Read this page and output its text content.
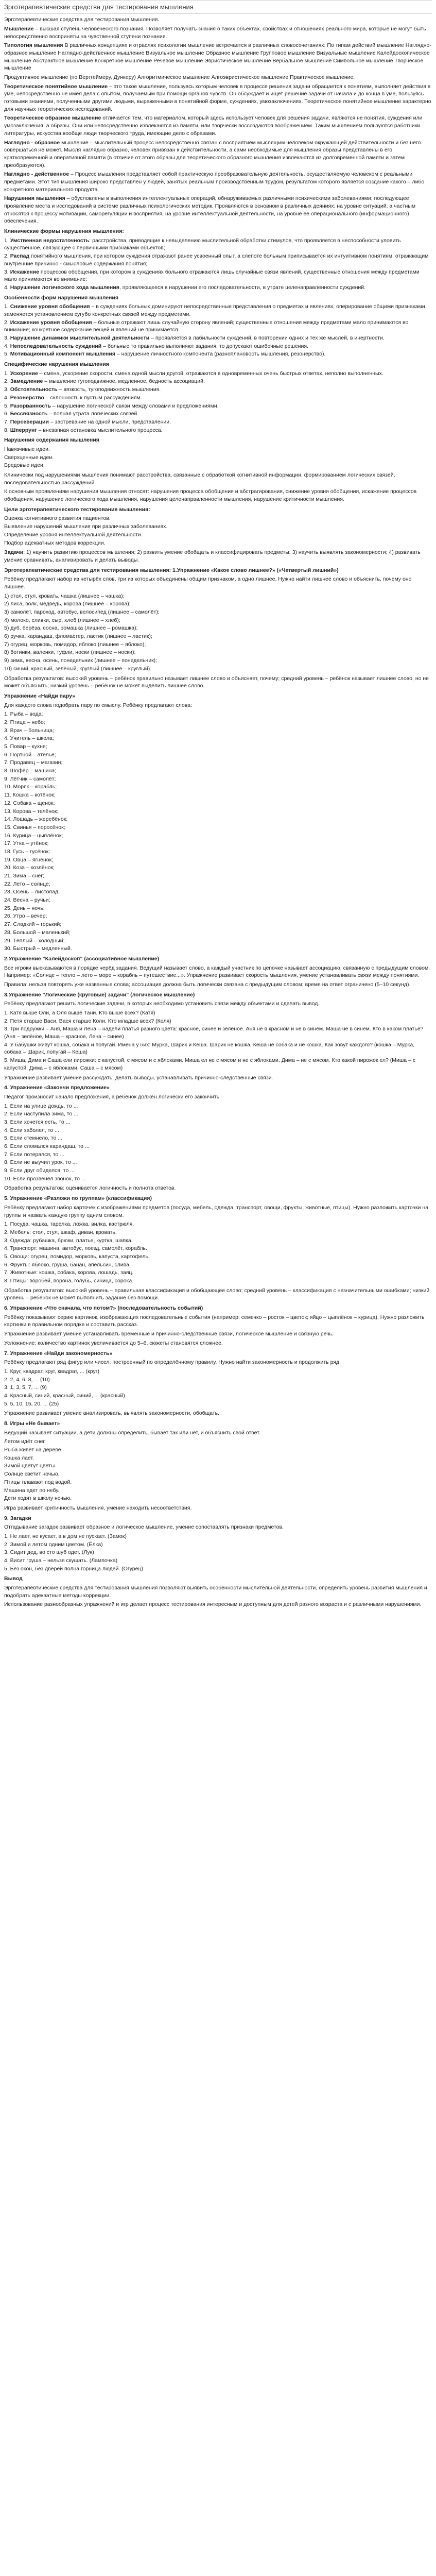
Зрготерапевтические средства для тестирования мышления

Эрготерапевтические средства для тестирования мышления.

Мышление – высшая ступень человеческого познания. Позволяет получать знания о таких объектах, свойствах и отношениях реального мира, которые не могут быть непосредственно восприняты на чувственной ступени познания.

Типология мышления В различных концепциях и отраслях психологии мышление встречается в различных словосочетаниях: По типам действий мышление Наглядно-образное мышление Наглядно-действенное мышление Визуальное мышление Образное мышление Групповое мышление Визуальные мышление Калейдоскопическое мышление Абстрактное мышление Конкретное мышление Речевое мышление Эвристическое мышление Вербальное мышление Символьное мышление Творческое мышление

Продуктивное мышление (по Вертгеймеру, Дункеру) Алгоритмическое мышление Алгоэвристическое мышление Практическое мышление.

Теоретическое понятийное мышление – это такое мышление, пользуясь которым человек в процессе решения задачи обращается к понятиям, выполняет действия в уме, непосредственно не имея дела с опытом, получаемым при помощи органов чувств. Он обсуждает и ищет решение задачи от начала и до конца в уме, пользуясь готовыми знаниями, полученными другими людьми, выраженными в понятийной форме, суждениях, умозаключениях. Теоретическое понятийное мышление характерно для научных теоретических исследований.

Теоретическое образное мышление отличается тем, что материалом, который здесь использует человек для решения задачи, являются не понятия, суждения или умозаключения, а образы. Они или непосредственно извлекаются из памяти, или творчески воссоздаются воображением. Таким мышлением пользуются работники литературы, искусства вообще люди творческого труда, имеющие дело с образами.

Наглядно - образное мышление – мыслительный процесс непосредственно связан с восприятием мыслящим человеком окружающей действительности и без него совершаться не может. Мысля наглядно образно, человек привязан к действительности, а сами необходимые для мышления образы представлены в его кратковременной и оперативной памяти (в отличие от этого образы для теоретического образного мышления извлекаются из долговременной памяти и затем преобразуются).

Наглядно - действенное – Процесс мышления представляет собой практическую преобразовательную деятельность, осуществляемую человеком с реальными предметами. Этот тип мышления широко представлен у людей, занятых реальным производственным трудом, результатом которого является создание какого – либо конкретного материального продукта.

Нарушения мышления – обусловлены в выполнения интеллектуальных операций, обнаруживаемых различными психическими заболеваниями; последующее проявление места и исследований в системе различных психологических методик. Проявляются в основном в различных деяниях: на уровне ситуаций, а частным относятся к процессу мотивации, саморегуляции и восприятия, на уровне интеллектуальной деятельности, на уровне ее операционального (информационного) обеспечения.

Клинические формы нарушения мышления:
1. Умственная недостаточность: расстройства, приводящие к невыделению мыслительной обработки стимулов, что проявляется в неспособности уловить существенное, связующее с первичными признаками объектов;
2. Распад понятийного мышления, при котором суждения отражают ранее усвоенный опыт, а слепоте больным приписывается их интуитивном понятиям, отражающим внутренние причинно - смысловые содержания понятия;
3. Искажение процессов обобщения, при котором в суждениях больного отражаются лишь случайные связи явлений, существенные отношения между предметами мало принимаются во внимание;
4. Нарушение логического хода мышления, проявляющееся в нарушении его последовательности, в утрате целенаправленности суждений.
Особенности форм нарушения мышления
1. Снижение уровня обобщения – в суждениях больных доминируют непосредственные представления о предметах и явлениях, оперирование общими признаками заменяется установлением сугубо конкретных связей между предметами.
2. Искажение уровня обобщения – больные отражают лишь случайную сторону явлений; существенные отношения между предметами мало принимаются во внимание; конкретное содержание вещей и явлений не принимается.
3. Нарушение динамики мыслительной деятельности – проявляется в лабильности суждений, в повторении одних и тех же мыслей, в инертности.
4. Непоследовательность суждений – больные то правильно выполняют задания, то допускают ошибочные решения.
5. Мотивационный компонент мышления – нарушение личностного компонента (разноплановость мышления, резонерство).
Специфические нарушения мышления
1. Ускорение – смена, ускорение скорости, смена одной мысли другой, отражаются в одновременных очень быстрых ответах, неполно выполненных.
2. Замедление – мышление тугоподвижное, медленное, бедность ассоциаций.
3. Обстоятельность – вязкость, тугоподвижность мышления.
4. Резонерство – склонность к пустым рассуждениям.
5. Разорванность – нарушение логической связи между словами и предложениями.
6. Бессвязность – полная утрата логических связей.
7. Персеверации – застревание на одной мысли, представлении.
8. Шперрунг – внезапная остановка мыслительного процесса.
Нарушения содержания мышления
Навязчивые идеи.
Сверхценные идеи.
Бредовые идеи.

Клинически под нарушениями мышления понимают расстройства, связанные с обработкой когнитивной информации, формированием логических связей, последовательностью рассуждений.

К основным проявлениям нарушения мышления относят: нарушения процесса обобщения и абстрагирования, снижение уровня обобщения, искажение процессов обобщения, нарушение логического хода мышления, нарушения целенаправленности мышления, нарушение критичности мышления.

Цели эрготерапевтического тестирования мышления:
Оценка когнитивного развития пациентов.
Выявление нарушений мышления при различных заболеваниях.
Определение уровня интеллектуальной деятельности.
Подбор адекватных методов коррекции.

Задачи: 1) научить развитию процессов мышления; 2) развить умение обобщать и классифицировать предметы; 3) научить выявлять закономерности; 4) развивать умение сравнивать, анализировать и делать выводы.

Эрготерапевтические средства для тестирования мышления: 1.Упражнение «Какое слово лишнее?» («Четвертый лишний»)

Ребёнку предлагают набор из четырёх слов, три из которых объединены общим признаком, а одно лишнее. Нужно найти лишнее слово и объяснить, почему оно лишнее.

1) стол, стул, кровать, чашка (лишнее – чашка);
2) лиса, волк, медведь, корова (лишнее – корова);
3) самолёт, пароход, автобус, велосипед (лишнее – самолёт);
4) молоко, сливки, сыр, хлеб (лишнее – хлеб);
5) дуб, берёза, сосна, ромашка (лишнее – ромашка);
6) ручка, карандаш, фломастер, ластик (лишнее – ластик);
7) огурец, морковь, помидор, яблоко (лишнее – яблоко);
8) ботинки, валенки, туфли, носки (лишнее – носки);
9) зима, весна, осень, понедельник (лишнее – понедельник);
10) синий, красный, зелёный, круглый (лишнее – круглый).

Обработка результатов: высокий уровень – ребёнок правильно называет лишнее слово и объясняет, почему; средний уровень – ребёнок называет лишнее слово, но не может объяснить; низкий уровень – ребёнок не может выделить лишнее слово.

Упражнение «Найди пару»

Для каждого слова подобрать пару по смыслу. Ребёнку предлагают слова:

1. Рыба – вода;
2. Птица – небо;
3. Врач – больница;
4. Учитель – школа;
5. Повар – кухня;
6. Портной – ателье;
7. Продавец – магазин;
8. Шофёр – машина;
9. Лётчик – самолёт;
10. Моряк – корабль;
11. Кошка – котёнок;
12. Собака – щенок;
13. Корова – телёнок;
14. Лошадь – жеребёнок;
15. Свинья – поросёнок;
16. Курица – цыплёнок;
17. Утка – утёнок;
18. Гусь – гусёнок;
19. Овца – ягнёнок;
20. Коза – козлёнок;
21. Зима – снег;
22. Лето – солнце;
23. Осень – листопад;
24. Весна – ручьи;
25. День – ночь;
26. Утро – вечер;
27. Сладкий – горький;
28. Большой – маленький;
29. Тёплый – холодный;
30. Быстрый – медленный.
2.Упражнение "Калейдоскоп" (ассоциативное мышление)

Все игроки высказываются в порядке черёд задания. Ведущий называет слово, а каждый участник по цепочке называет ассоциацию, связанную с предыдущим словом. Например: «Солнце – тепло – лето – море – корабль – путешествие...». Упражнение развивает скорость мышления, умение устанавливать связи между понятиями.

Правила: нельзя повторять уже названные слова; ассоциация должна быть логически связана с предыдущим словом; время на ответ ограничено (5–10 секунд).

3.Упражнение "Логические (круговые) задачи" (логическое мышление)

Ребёнку предлагают решить логические задачи, в которых необходимо установить связи между объектами и сделать вывод.

1. Катя выше Оли, а Оля выше Тани. Кто выше всех? (Катя)
2. Петя старше Васи, Вася старше Коли. Кто младше всех? (Коля)
3. Три подружки – Аня, Маша и Лена – надели платья разного цвета: красное, синее и зелёное. Аня не в красном и не в синем. Маша не в синем. Кто в каком платье? (Аня – зелёное, Маша – красное, Лена – синее)
4. У бабушки живут кошка, собака и попугай. Имена у них: Мурка, Шарик и Кеша. Шарик не кошка, Кеша не собака и не кошка. Как зовут каждого? (кошка – Мурка, собака – Шарик, попугай – Кеша)
5. Миша, Дима и Саша ели пирожки: с капустой, с мясом и с яблоками. Миша ел не с мясом и не с яблоками, Дима – не с мясом. Кто какой пирожок ел? (Миша – с капустой, Дима – с яблоками, Саша – с мясом)

Упражнение развивает умение рассуждать, делать выводы, устанавливать причинно-следственные связи.

4. Упражнение «Закончи предложение»

Педагог произносит начало предложения, а ребёнок должен логически его закончить.

1. Если на улице дождь, то ...
2. Если наступила зима, то ...
3. Если хочется есть, то ...
4. Если заболел, то ...
5. Если стемнело, то ...
6. Если сломался карандаш, то ...
7. Если потерялся, то ...
8. Если не выучил урок, то ...
9. Если друг обиделся, то ...
10. Если прозвенел звонок, то ...

Обработка результатов: оценивается логичность и полнота ответов.

5. Упражнение «Разложи по группам» (классификация)

Ребёнку предлагают набор карточек с изображениями предметов (посуда, мебель, одежда, транспорт, овощи, фрукты, животные, птицы). Нужно разложить карточки на группы и назвать каждую группу одним словом.

1. Посуда: чашка, тарелка, ложка, вилка, кастрюля.
2. Мебель: стол, стул, шкаф, диван, кровать.
3. Одежда: рубашка, брюки, платье, куртка, шапка.
4. Транспорт: машина, автобус, поезд, самолёт, корабль.
5. Овощи: огурец, помидор, морковь, капуста, картофель.
6. Фрукты: яблоко, груша, банан, апельсин, слива.
7. Животные: кошка, собака, корова, лошадь, заяц.
8. Птицы: воробей, ворона, голубь, синица, сорока.

Обработка результатов: высокий уровень – правильная классификация и обобщающее слово; средний уровень – классификация с незначительными ошибками; низкий уровень – ребёнок не может выполнить задание без помощи.

6. Упражнение «Что сначала, что потом?» (последовательность событий)

Ребёнку показывают серию картинок, изображающих последовательные события (например: семечко – росток – цветок; яйцо – цыплёнок – курица). Нужно разложить картинки в правильном порядке и составить рассказ.

Упражнение развивает умение устанавливать временные и причинно-следственные связи, логическое мышление и связную речь.

Усложнение: количество картинок увеличивается до 5–6, сюжеты становятся сложнее.

7. Упражнение «Найди закономерность»

Ребёнку предлагают ряд фигур или чисел, построенный по определённому правилу. Нужно найти закономерность и продолжить ряд.

1. Круг, квадрат, круг, квадрат, ... (круг)
2. 2, 4, 6, 8, ... (10)
3. 1, 3, 5, 7, ... (9)
4. Красный, синий, красный, синий, ... (красный)
5. 5, 10, 15, 20, ... (25)

Упражнение развивает умение анализировать, выявлять закономерности, обобщать.

8. Игры «Не бывает»

Ведущий называет ситуации, а дети должны определить, бывает так или нет, и объяснить свой ответ.

Летом идёт снег.
Рыба живёт на дереве.
Кошка лает.
Зимой цветут цветы.
Солнце светит ночью.
Птицы плавают под водой.
Машина едет по небу.
Дети ходят в школу ночью.

Игра развивает критичность мышления, умение находить несоответствия.

9. Загадки

Отгадывание загадок развивает образное и логическое мышление, умение сопоставлять признаки предметов.

1. Не лает, не кусает, а в дом не пускает. (Замок)
2. Зимой и летом одним цветом. (Ёлка)
3. Сидит дед, во сто шуб одет. (Лук)
4. Висит груша – нельзя скушать. (Лампочка)
5. Без окон, без дверей полна горница людей. (Огурец)
Вывод

Эрготерапевтические средства для тестирования мышления позволяют выявить особенности мыслительной деятельности, определить уровень развития мышления и подобрать адекватные методы коррекции.

Использование разнообразных упражнений и игр делает процесс тестирования интересным и доступным для детей разного возраста и с различными нарушениями.
